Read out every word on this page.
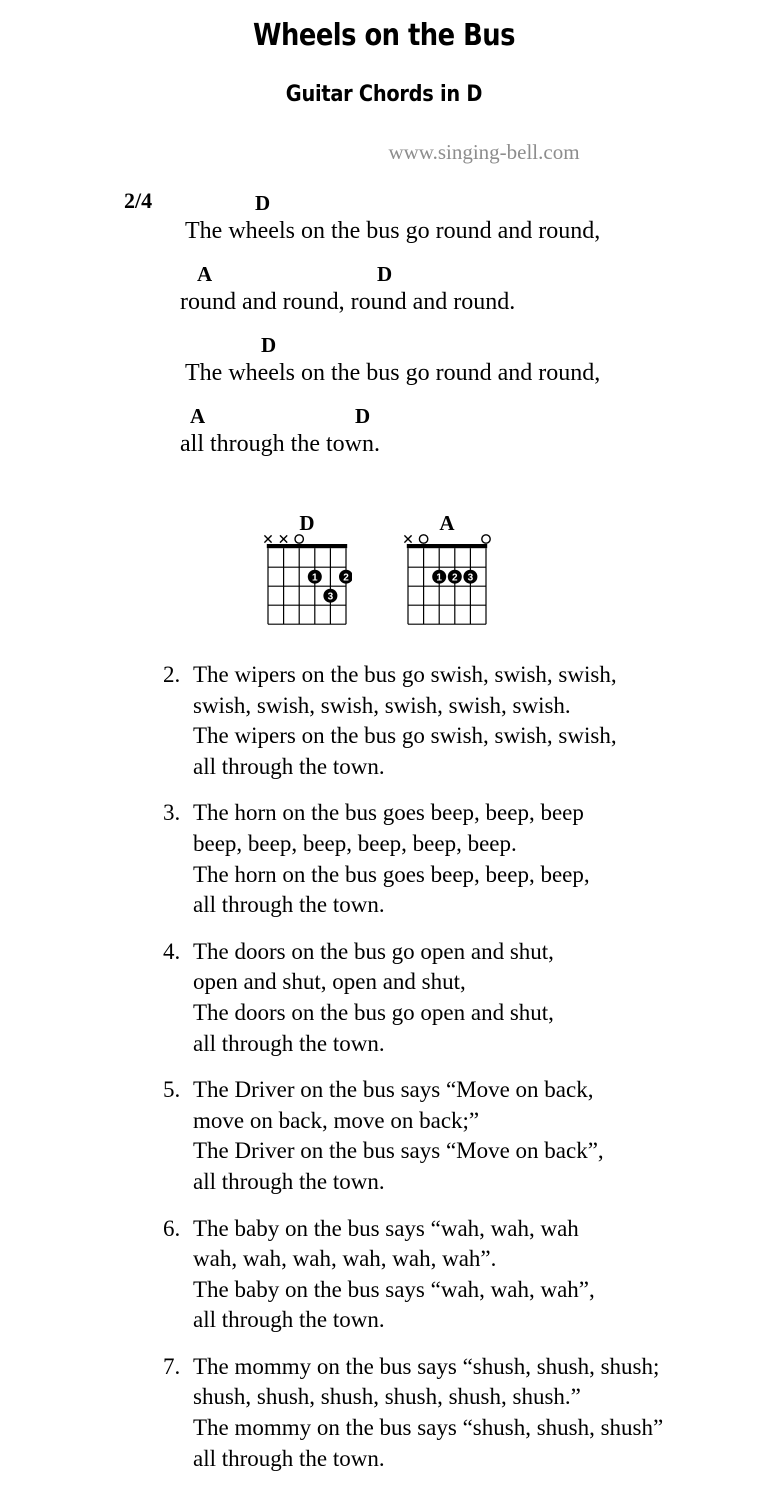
Wheels on the Bus
Guitar Chords in D
www.singing-bell.com
2/4	D
The wheels on the bus go round and round,
A	D
round and round, round and round.
D
The wheels on the bus go round and round,
A	D
all through the town.
D
1	2
3
A
1 2 3
2. The wipers on the bus go swish, swish, swish,
swish, swish, swish, swish, swish, swish.
The wipers on the bus go swish, swish, swish,
all through the town.
3. The horn on the bus goes beep, beep, beep
beep, beep, beep, beep, beep, beep.
The horn on the bus goes beep, beep, beep,
all through the town.
4. The doors on the bus go open and shut,
open and shut, open and shut,
The doors on the bus go open and shut,
all through the town.
5. The Driver on the bus says “Move on back,
move on back, move on back;”
The Driver on the bus says “Move on back”,
all through the town.
6. The baby on the bus says “wah, wah, wah
wah, wah, wah, wah, wah, wah”.
The baby on the bus says “wah, wah, wah”,
all through the town.
7. The mommy on the bus says “shush, shush, shush;
shush, shush, shush, shush, shush, shush.”
The mommy on the bus says “shush, shush, shush”
all through the town.
